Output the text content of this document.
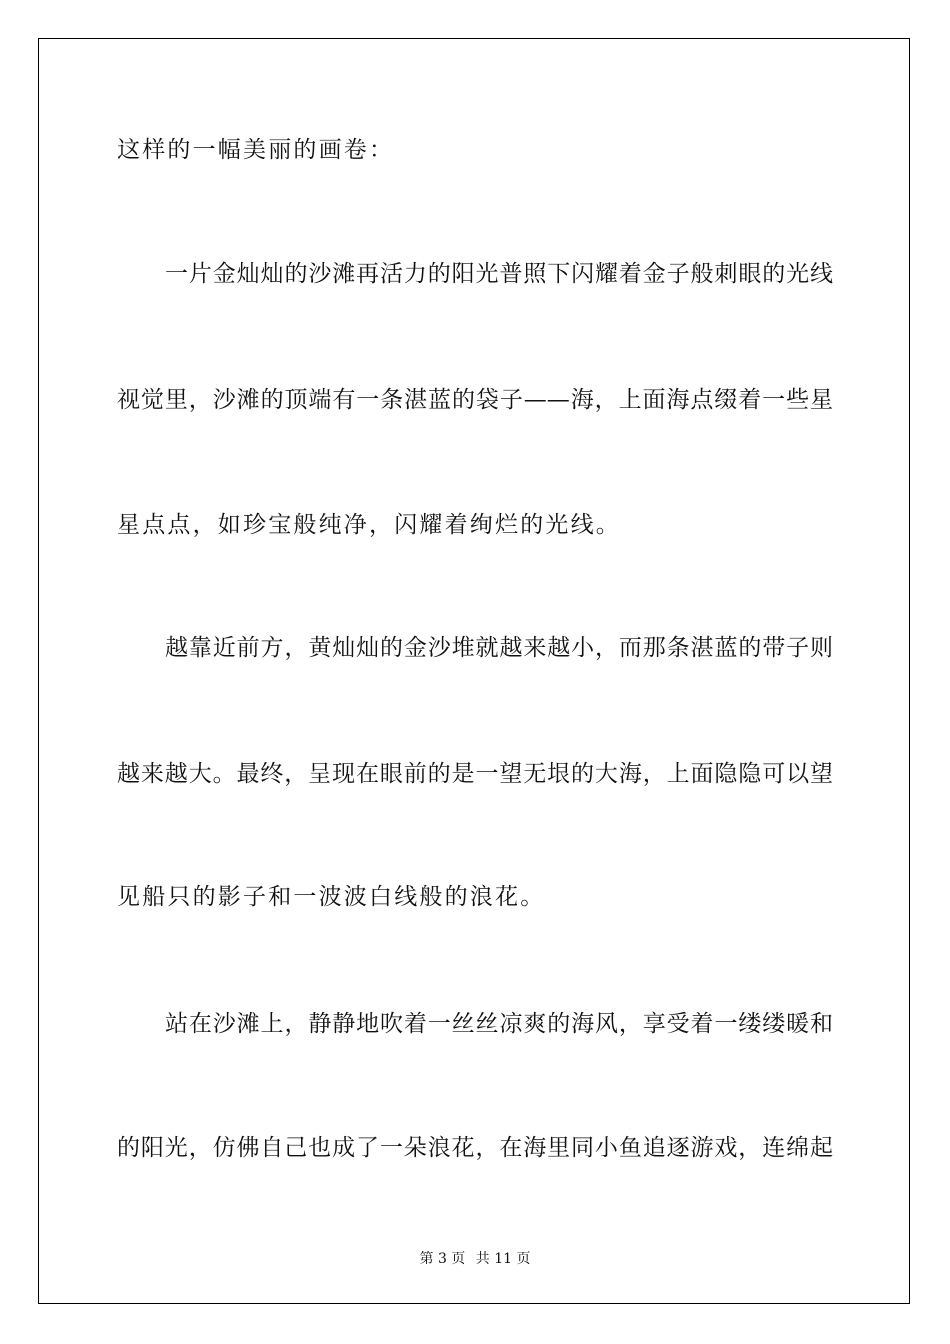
这样的一幅美丽的画卷：

一片金灿灿的沙滩再活力的阳光普照下闪耀着金子般刺眼的光线

视觉里，沙滩的顶端有一条湛蓝的袋子——海，上面海点缀着一些星

星点点，如珍宝般纯净，闪耀着绚烂的光线。

越靠近前方，黄灿灿的金沙堆就越来越小，而那条湛蓝的带子则

越来越大。最终，呈现在眼前的是一望无垠的大海，上面隐隐可以望

见船只的影子和一波波白线般的浪花。

站在沙滩上，静静地吹着一丝丝凉爽的海风，享受着一缕缕暖和

的阳光，仿佛自己也成了一朵浪花，在海里同小鱼追逐游戏，连绵起

第 3 页 共 11 页
